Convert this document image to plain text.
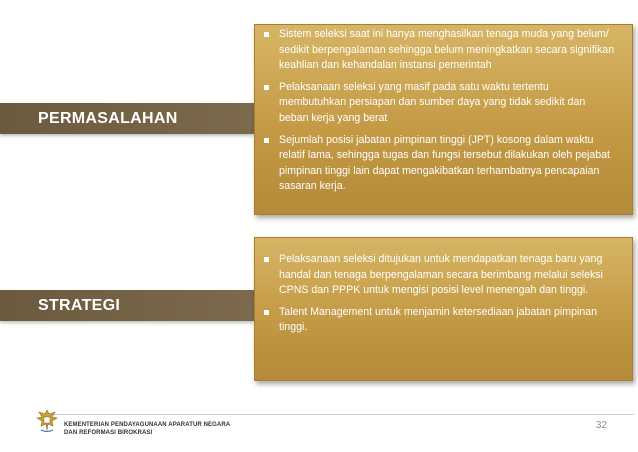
PERMASALAHAN
Sistem seleksi saat ini hanya menghasilkan tenaga muda yang belum/ sedikit berpengalaman sehingga belum meningkatkan secara signifikan keahlian dan kehandalan instansi pemerintah
Pelaksanaan seleksi yang masif pada satu waktu tertentu membutuhkan persiapan dan sumber daya yang tidak sedikit dan beban kerja yang berat
Sejumlah posisi jabatan pimpinan tinggi (JPT) kosong dalam waktu relatif lama, sehingga tugas dan fungsi tersebut dilakukan oleh pejabat pimpinan tinggi lain dapat mengakibatkan terhambatnya pencapaian sasaran kerja.
STRATEGI
Pelaksanaan seleksi ditujukan untuk mendapatkan tenaga baru yang handal dan tenaga berpengalaman secara berimbang melalui seleksi CPNS dan PPPK untuk mengisi posisi level menengah dan tinggi.
Talent Management untuk menjamin ketersediaan jabatan pimpinan tinggi.
KEMENTERIAN PENDAYAGUNAAN APARATUR NEGARA
DAN REFORMASI BIROKRASI
32
